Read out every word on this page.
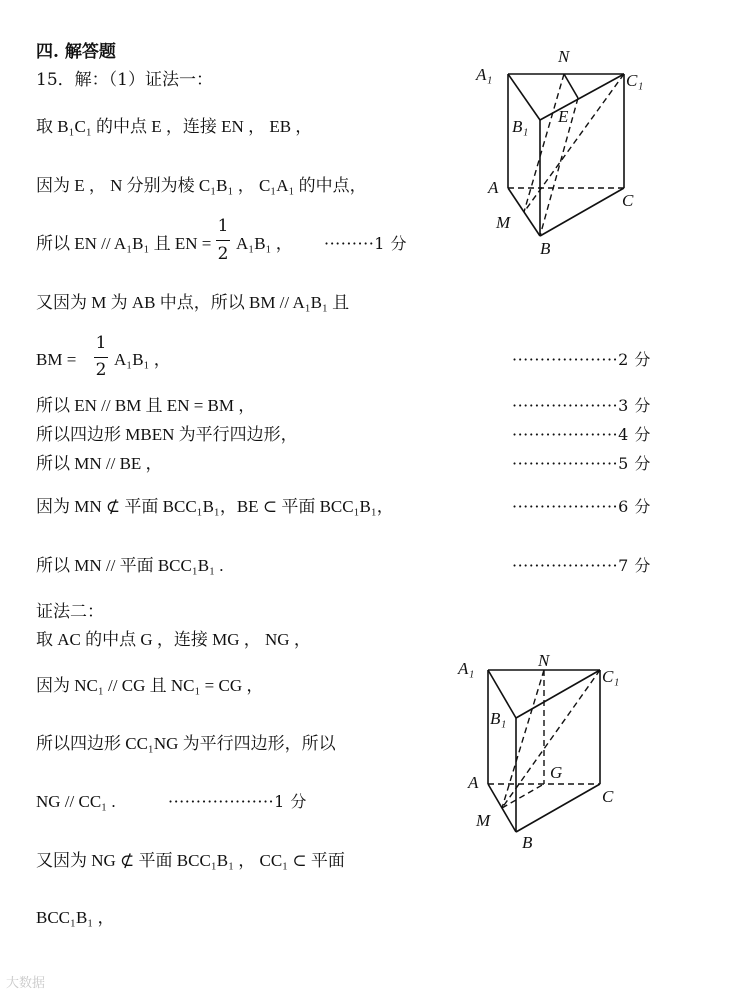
四. 解答题
15．解：（1）证法一：
取 B₁C₁ 的中点 E ，连接 EN ， EB ，
因为 E ， N 分别为棱 C₁B₁ ， C₁A₁ 的中点，
所以 EN // A₁B₁ 且 EN =
1
2
A₁B₁ ， ·········1 分
又因为 M 为 AB 中点，所以 BM // A₁B₁ 且
BM =
1
2
A₁B₁ ，	···················2 分
所以 EN // BM 且 EN = BM ，	···················3 分
所以四边形 MBEN 为平行四边形，	···················4 分
所以 MN // BE ，	···················5 分
因为 MN ⊄ 平面 BCC₁B₁，BE ⊂ 平面 BCC₁B₁，	···················6 分
所以 MN // 平面 BCC₁B₁ .	···················7 分
证法二：
取 AC 的中点 G ，连接 MG ， NG ，
因为 NC₁ // CG 且 NC₁ = CG ，
所以四边形 CC₁NG 为平行四边形，所以
NG // CC₁ .	···················1 分
又因为 NG ⊄ 平面 BCC₁B₁ ， CC₁ ⊂ 平面
BCC₁B₁ ，
A₁
N
C₁
B₁
E
A
C
M
B
A₁	N
C₁
B₁
A
G
C
M
B
大数据
